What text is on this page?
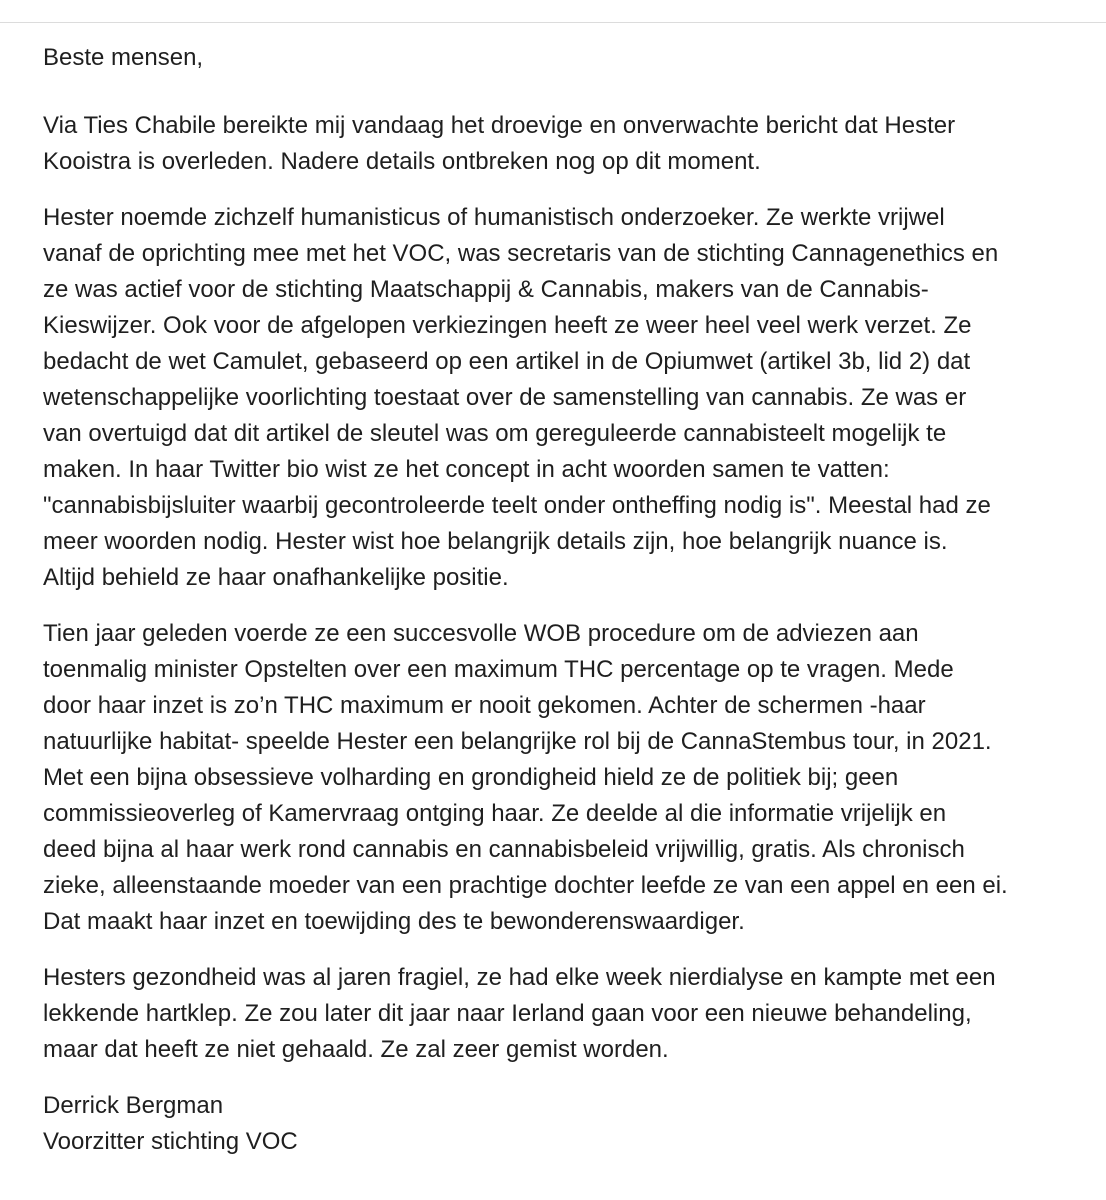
Beste mensen,

Via Ties Chabile bereikte mij vandaag het droevige en onverwachte bericht dat Hester
Kooistra is overleden. Nadere details ontbreken nog op dit moment.

Hester noemde zichzelf humanisticus of humanistisch onderzoeker. Ze werkte vrijwel
vanaf de oprichting mee met het VOC, was secretaris van de stichting Cannagenethics en
ze was actief voor de stichting Maatschappij & Cannabis, makers van de Cannabis-
Kieswijzer. Ook voor de afgelopen verkiezingen heeft ze weer heel veel werk verzet. Ze
bedacht de wet Camulet, gebaseerd op een artikel in de Opiumwet (artikel 3b, lid 2) dat
wetenschappelijke voorlichting toestaat over de samenstelling van cannabis. Ze was er
van overtuigd dat dit artikel de sleutel was om gereguleerde cannabisteelt mogelijk te
maken. In haar Twitter bio wist ze het concept in acht woorden samen te vatten:
"cannabisbijsluiter waarbij gecontroleerde teelt onder ontheffing nodig is". Meestal had ze
meer woorden nodig. Hester wist hoe belangrijk details zijn, hoe belangrijk nuance is.
Altijd behield ze haar onafhankelijke positie.

Tien jaar geleden voerde ze een succesvolle WOB procedure om de adviezen aan
toenmalig minister Opstelten over een maximum THC percentage op te vragen. Mede
door haar inzet is zo’n THC maximum er nooit gekomen. Achter de schermen -haar
natuurlijke habitat- speelde Hester een belangrijke rol bij de CannaStembus tour, in 2021.
Met een bijna obsessieve volharding en grondigheid hield ze de politiek bij; geen
commissieoverleg of Kamervraag ontging haar. Ze deelde al die informatie vrijelijk en
deed bijna al haar werk rond cannabis en cannabisbeleid vrijwillig, gratis. Als chronisch
zieke, alleenstaande moeder van een prachtige dochter leefde ze van een appel en een ei.
Dat maakt haar inzet en toewijding des te bewonderenswaardiger.

Hesters gezondheid was al jaren fragiel, ze had elke week nierdialyse en kampte met een
lekkende hartklep. Ze zou later dit jaar naar Ierland gaan voor een nieuwe behandeling,
maar dat heeft ze niet gehaald. Ze zal zeer gemist worden.

Derrick Bergman
Voorzitter stichting VOC
